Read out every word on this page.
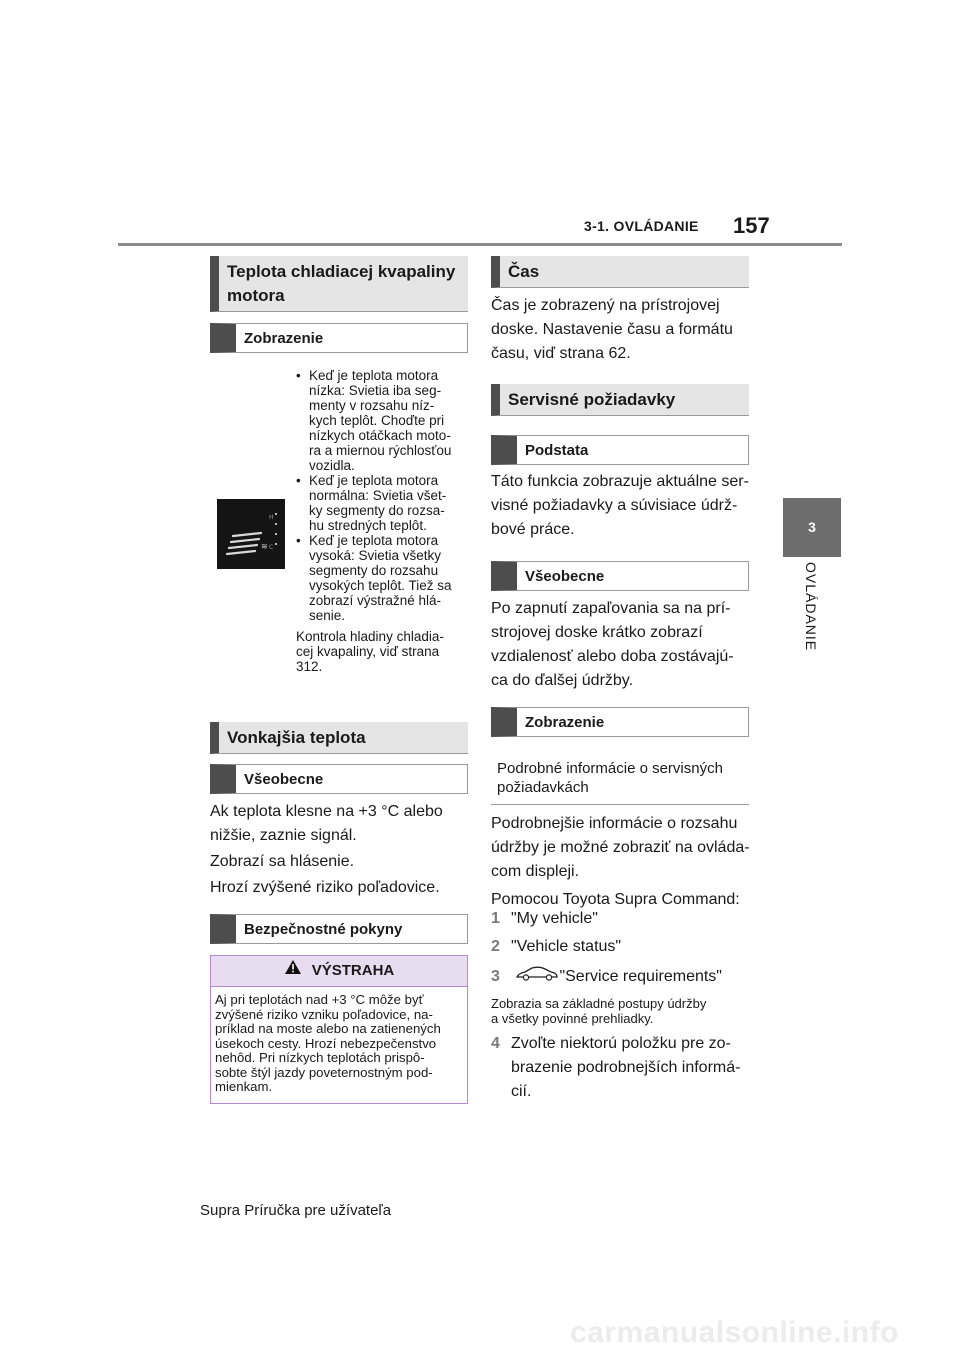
3-1. OVLÁDANIE 157
3
OVLÁDANIE
Teplota chladiacej kvapaliny
motora
Zobrazenie
≋
H
C
• Keď je teplota motora
nízka: Svietia iba seg-
menty v rozsahu níz-
kych teplôt. Choďte pri
nízkych otáčkach moto-
ra a miernou rýchlosťou
vozidla.
• Keď je teplota motora
normálna: Svietia všet-
ky segmenty do rozsa-
hu stredných teplôt.
• Keď je teplota motora
vysoká: Svietia všetky
segmenty do rozsahu
vysokých teplôt. Tiež sa
zobrazí výstražné hlá-
senie.
Kontrola hladiny chladia-
cej kvapaliny, viď strana
312.
Vonkajšia teplota
Všeobecne
Ak teplota klesne na +3 °C alebo
nižšie, zaznie signál.
Zobrazí sa hlásenie.
Hrozí zvýšené riziko poľadovice.
Bezpečnostné pokyny
VÝSTRAHA
Aj pri teplotách nad +3 °C môže byť
zvýšené riziko vzniku poľadovice, na-
príklad na moste alebo na zatienených
úsekoch cesty. Hrozí nebezpečenstvo
nehôd. Pri nízkych teplotách prispô-
sobte štýl jazdy poveternostným pod-
mienkam.
Čas
Čas je zobrazený na prístrojovej
doske. Nastavenie času a formátu
času, viď strana 62.
Servisné požiadavky
Podstata
Táto funkcia zobrazuje aktuálne ser-
visné požiadavky a súvisiace údrž-
bové práce.
Všeobecne
Po zapnutí zapaľovania sa na prí-
strojovej doske krátko zobrazí
vzdialenosť alebo doba zostávajú-
ca do ďalšej údržby.
Zobrazenie
Podrobné informácie o servisných
požiadavkách
Podrobnejšie informácie o rozsahu
údržby je možné zobraziť na ovláda-
com displeji.
Pomocou Toyota Supra Command:
1 "My vehicle"
2 "Vehicle status"
3	"Service requirements"
Zobrazia sa základné postupy údržby
a všetky povinné prehliadky.
4 Zvoľte niektorú položku pre zo-
brazenie podrobnejších informá-
cií.
Supra Príručka pre užívateľa
carmanualsonline.info
